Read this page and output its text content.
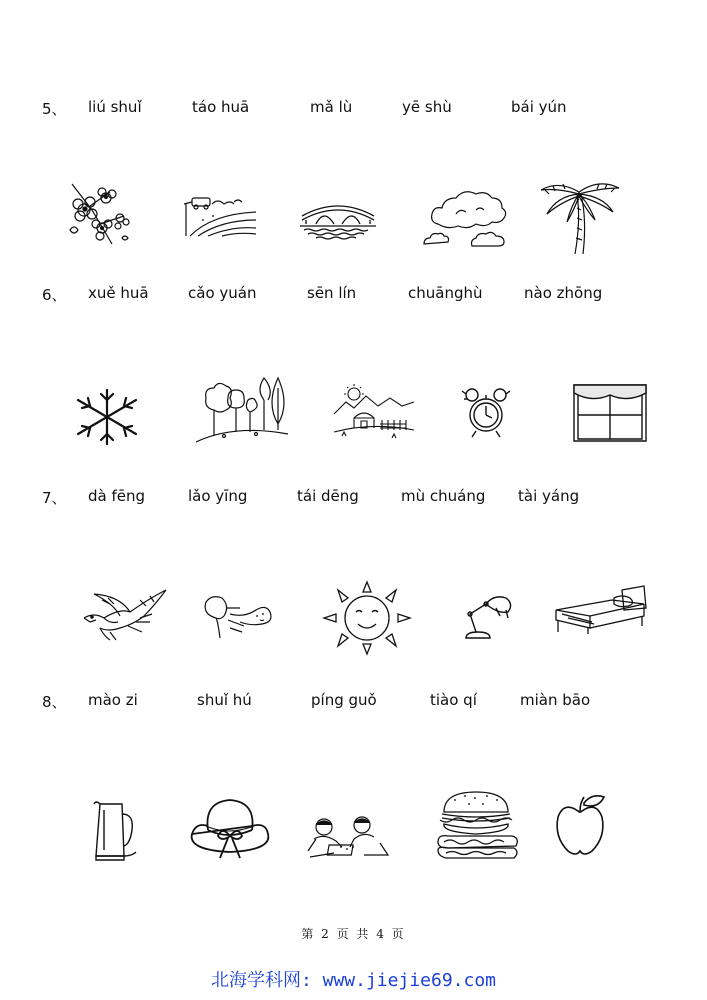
5、 liú shuǐ	táo huā	mǎ lù	yē shù	bái yún
6、 xuě huā	cǎo yuán	sēn lín	chuānghù	nào zhōng
7、 dà fēng	lǎo yīng	tái dēng	mù chuáng tài yáng
8、 mào zi	shuǐ hú	píng guǒ	tiào qí	miàn bāo
第 2 页 共 4 页
北海学科网: www.jiejie69.com
